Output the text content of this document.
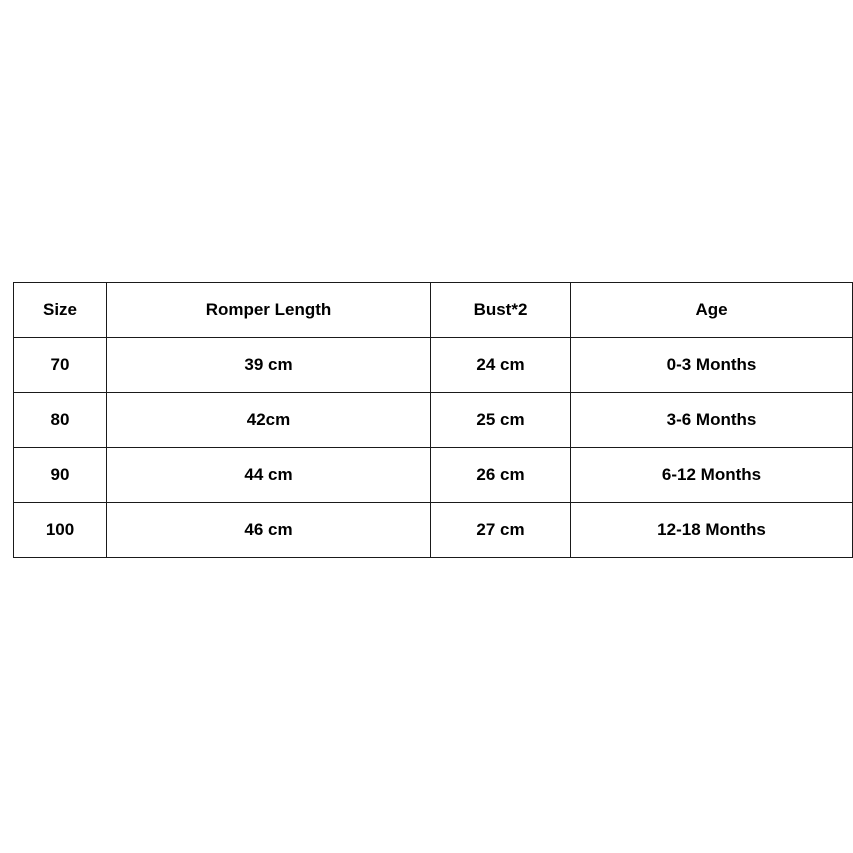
Size	Romper Length	Bust*2	Age
70	39 cm	24 cm	0-3 Months
80	42cm	25 cm	3-6 Months
90	44 cm	26 cm	6-12 Months
100	46 cm	27 cm	12-18 Months
